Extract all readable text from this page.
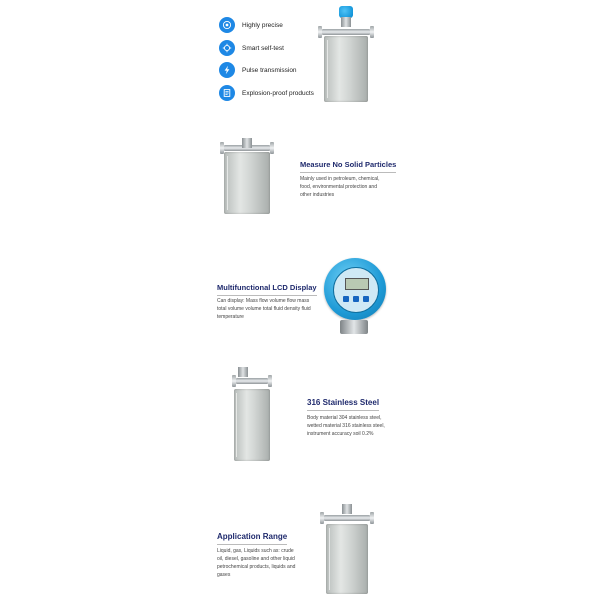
Highly precise
Smart self-test
Pulse transmission
Explosion-proof products
Measure No Solid Particles
Mainly used in petroleum, chemical, food, environmental protection and other industries
Multifunctional LCD Display
Can display: Mass flow volume flow mass total volume volume total fluid density fluid temperature
316 Stainless Steel
Body material 304 stainless steel, wetted material 316 stainless steel, instrument accuracy soil 0.2%
Application Range
Liquid, gas, Liquids such as: crude oil, diesel, gasoline and other liquid petrochemical products, liquids and gases
